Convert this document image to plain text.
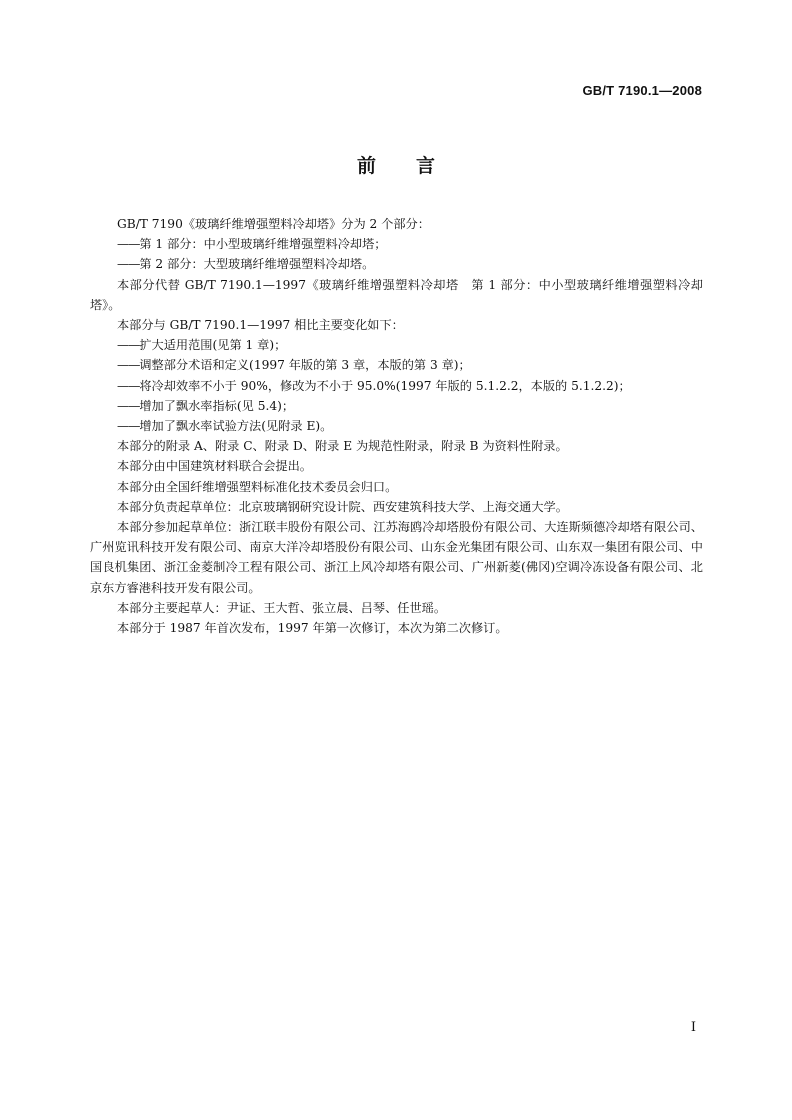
GB/T 7190.1—2008
前言

GB/T 7190《玻璃纤维增强塑料冷却塔》分为 2 个部分：

——第 1 部分：中小型玻璃纤维增强塑料冷却塔；

——第 2 部分：大型玻璃纤维增强塑料冷却塔。

本部分代替 GB/T 7190.1—1997《玻璃纤维增强塑料冷却塔　第 1 部分：中小型玻璃纤维增强塑料冷却塔》。

本部分与 GB/T 7190.1—1997 相比主要变化如下：

——扩大适用范围(见第 1 章)；

——调整部分术语和定义(1997 年版的第 3 章，本版的第 3 章)；

——将冷却效率不小于 90%，修改为不小于 95.0%(1997 年版的 5.1.2.2，本版的 5.1.2.2)；

——增加了飘水率指标(见 5.4)；

——增加了飘水率试验方法(见附录 E)。

本部分的附录 A、附录 C、附录 D、附录 E 为规范性附录，附录 B 为资料性附录。

本部分由中国建筑材料联合会提出。

本部分由全国纤维增强塑料标准化技术委员会归口。

本部分负责起草单位：北京玻璃钢研究设计院、西安建筑科技大学、上海交通大学。

本部分参加起草单位：浙江联丰股份有限公司、江苏海鸥冷却塔股份有限公司、大连斯频德冷却塔有限公司、广州览讯科技开发有限公司、南京大洋冷却塔股份有限公司、山东金光集团有限公司、山东双一集团有限公司、中国良机集团、浙江金菱制冷工程有限公司、浙江上风冷却塔有限公司、广州新菱(佛冈)空调冷冻设备有限公司、北京东方睿港科技开发有限公司。

本部分主要起草人：尹证、王大哲、张立晨、吕琴、任世瑶。

本部分于 1987 年首次发布，1997 年第一次修订，本次为第二次修订。

I
